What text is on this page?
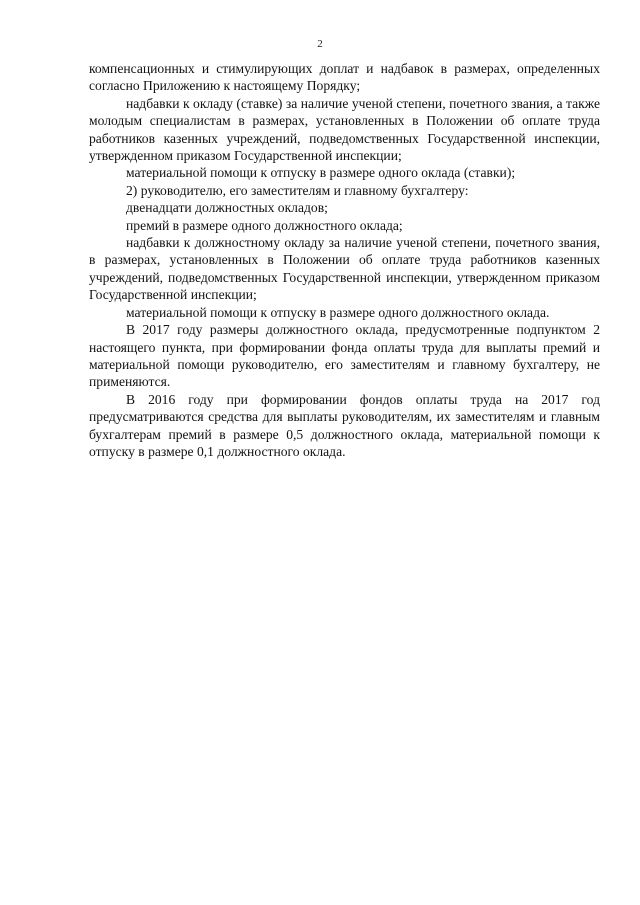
2

компенсационных и стимулирующих доплат и надбавок в размерах, определенных согласно Приложению к настоящему Порядку;

надбавки к окладу (ставке) за наличие ученой степени, почетного звания, а также молодым специалистам в размерах, установленных в Положении об оплате труда работников казенных учреждений, подведомственных Государственной инспекции, утвержденном приказом Государственной инспекции;

материальной помощи к отпуску в размере одного оклада (ставки);

2) руководителю, его заместителям и главному бухгалтеру:

двенадцати должностных окладов;

премий в размере одного должностного оклада;

надбавки к должностному окладу за наличие ученой степени, почетного звания, в размерах, установленных в Положении об оплате труда работников казенных учреждений, подведомственных Государственной инспекции, утвержденном приказом Государственной инспекции;

материальной помощи к отпуску в размере одного должностного оклада.

В 2017 году размеры должностного оклада, предусмотренные подпунктом 2 настоящего пункта, при формировании фонда оплаты труда для выплаты премий и материальной помощи руководителю, его заместителям и главному бухгалтеру, не применяются.

В 2016 году при формировании фондов оплаты труда на 2017 год предусматриваются средства для выплаты руководителям, их заместителям и главным бухгалтерам премий в размере 0,5 должностного оклада, материальной помощи к отпуску в размере 0,1 должностного оклада.
